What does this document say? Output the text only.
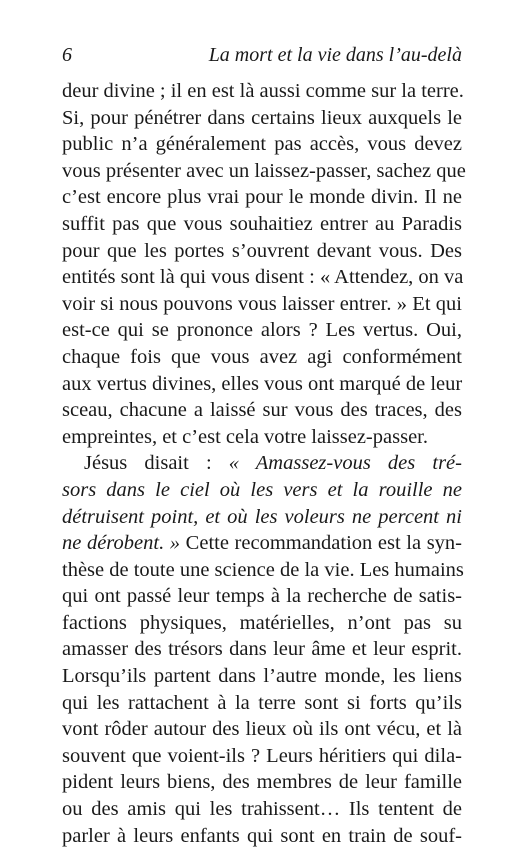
6	La mort et la vie dans l’au-delà
deur divine ; il en est là aussi comme sur la terre.
Si, pour pénétrer dans certains lieux auxquels le
public n’a généralement pas accès, vous devez
vous présenter avec un laissez-passer, sachez que
c’est encore plus vrai pour le monde divin. Il ne
suffit pas que vous souhaitiez entrer au Paradis
pour que les portes s’ouvrent devant vous. Des
entités sont là qui vous disent : « Attendez, on va
voir si nous pouvons vous laisser entrer. » Et qui
est-ce qui se prononce alors ? Les vertus. Oui,
chaque fois que vous avez agi conformément
aux vertus divines, elles vous ont marqué de leur
sceau, chacune a laissé sur vous des traces, des
empreintes, et c’est cela votre laissez-passer.
Jésus disait : « Amassez-vous des tré-
sors dans le ciel où les vers et la rouille ne
détruisent point, et où les voleurs ne percent ni
ne dérobent. » Cette recommandation est la syn-
thèse de toute une science de la vie. Les humains
qui ont passé leur temps à la recherche de satis-
factions physiques, matérielles, n’ont pas su
amasser des trésors dans leur âme et leur esprit.
Lorsqu’ils partent dans l’autre monde, les liens
qui les rattachent à la terre sont si forts qu’ils
vont rôder autour des lieux où ils ont vécu, et là
souvent que voient-ils ? Leurs héritiers qui dila-
pident leurs biens, des membres de leur famille
ou des amis qui les trahissent… Ils tentent de
parler à leurs enfants qui sont en train de souf-
